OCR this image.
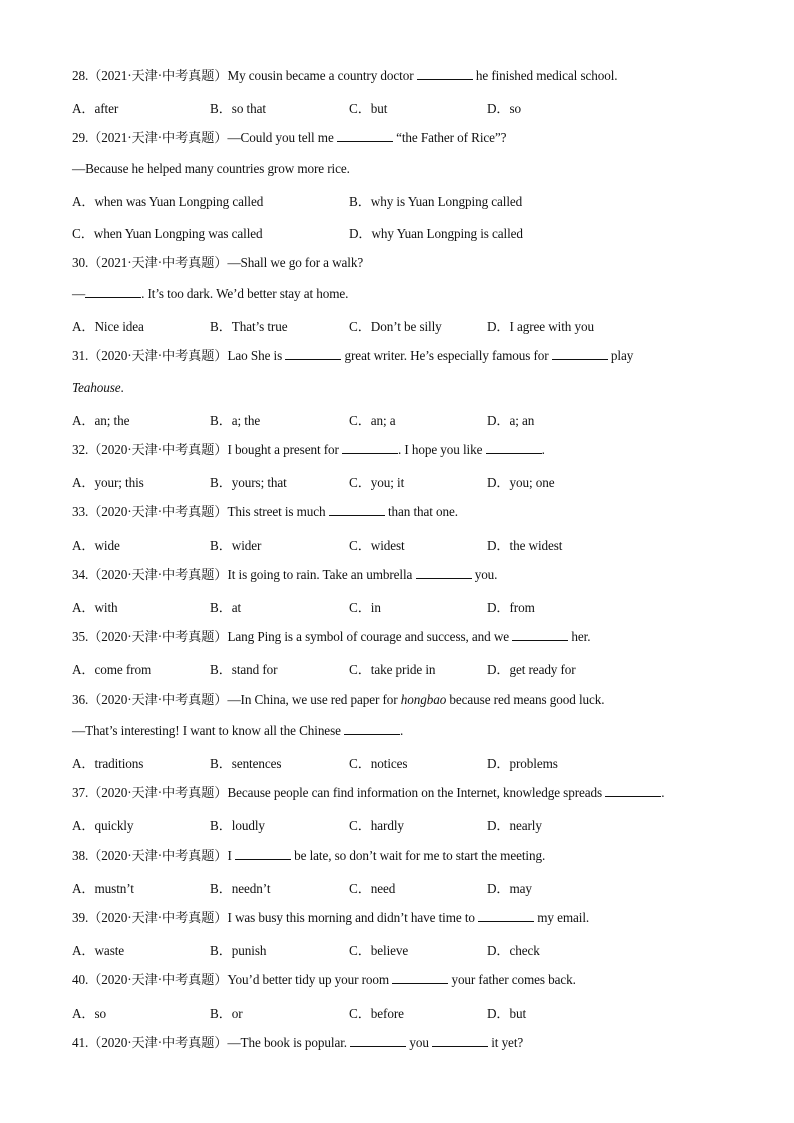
28.（2021·天津·中考真题）My cousin became a country doctor	he finished medical school.
A．after	B．so that	C．but	D．so
29.（2021·天津·中考真题）—Could you tell me	“the Father of Rice”?
—Because he helped many countries grow more rice.
A．when was Yuan Longping called	B．why is Yuan Longping called
C．when Yuan Longping was called	D．why Yuan Longping is called
30.（2021·天津·中考真题）—Shall we go for a walk?
—	. It’s too dark. We’d better stay at home.
A．Nice idea	B．That’s true	C．Don’t be silly	D．I agree with you
31.（2020·天津·中考真题）Lao She is	great writer. He’s especially famous for	play
Teahouse.
A．an; the	B．a; the	C．an; a	D．a; an
32.（2020·天津·中考真题）I bought a present for	. I hope you like	.
A．your; this	B．yours; that	C．you; it	D．you; one
33.（2020·天津·中考真题）This street is much	than that one.
A．wide	B．wider	C．widest	D．the widest
34.（2020·天津·中考真题）It is going to rain. Take an umbrella	you.
A．with	B．at	C．in	D．from
35.（2020·天津·中考真题）Lang Ping is a symbol of courage and success, and we	her.
A．come from	B．stand for	C．take pride in	D．get ready for
36.（2020·天津·中考真题）—In China, we use red paper for hongbao because red means good luck.
—That’s interesting! I want to know all the Chinese	.
A．traditions	B．sentences	C．notices	D．problems
37.（2020·天津·中考真题）Because people can find information on the Internet, knowledge spreads	.
A．quickly	B．loudly	C．hardly	D．nearly
38.（2020·天津·中考真题）I	be late, so don’t wait for me to start the meeting.
A．mustn’t	B．needn’t	C．need	D．may
39.（2020·天津·中考真题）I was busy this morning and didn’t have time to	my email.
A．waste	B．punish	C．believe	D．check
40.（2020·天津·中考真题）You’d better tidy up your room	your father comes back.
A．so	B．or	C．before	D．but
41.（2020·天津·中考真题）—The book is popular.	you	it yet?
